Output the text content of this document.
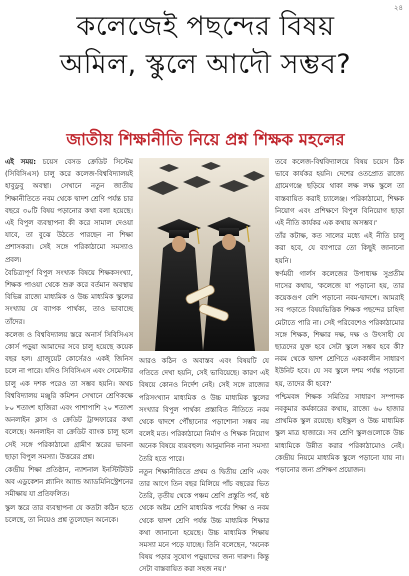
২৪
কলেজেই পছন্দের বিষয়
অমিল, স্কুলে আদৌ সম্ভব?
জাতীয় শিক্ষানীতি নিয়ে প্রশ্ন শিক্ষক মহলের

এই সময়: চয়েস বেসড ক্রেডিট সিস্টেম (সিবিসিএস) চালু করে কলেজ-বিশ্ববিদ্যালয়ই হাবুডুবু অবস্থা। সেখানে নতুন জাতীয় শিক্ষানীতিতে নবম থেকে দ্বাদশ শ্রেণি পর্যন্ত চার বছরে ৩০টি বিষয় পড়ানোর কথা বলা হয়েছে। এই বিপুল ব্যবস্থাপনা কী করে সামাল দেওয়া যাবে, তা বুঝে উঠতে পারছেন না শিক্ষা প্রশাসকরা। সেই সঙ্গে পরিকাঠামো সমস্যাও প্রবল।

বৈচিত্র্যপূর্ণ বিপুল সংখ্যক বিষয়ে শিক্ষকসংখ্যা, শিক্ষক পাওয়া থেকে শুরু করে বর্তমান অবস্থায় বিভিন্ন রাজ্যে মাধ্যমিক ও উচ্চ মাধ্যমিক স্কুলের সংখ্যায় যে ব্যাপক পার্থক্য, তাও ভাবাচ্ছে তাঁদের।

কলেজ ও বিশ্ববিদ্যালয় স্তরে অনার্স সিবিসিএস কোর্স পড়ুয়া আমাদের সবে চালু হয়েছে কয়েক বছর হল। গ্রাজুয়েট কোর্সেরও একই জিনিস চলে না পারে। যদিও সিবিসিএস এবং সেমেস্টার চালু এক দশক পরেও তা সম্ভব হয়নি। অথচ বিশ্ববিদ্যালয় মঞ্জুরি কমিশন সেখানে শ্রেণিকক্ষে ৮০ শতাংশ হাজিরা এবং পাশাপাশি ২০ শতাংশ অনলাইন ক্লাস ও ক্রেডিট ট্রান্সফারের কথা বলেছে। অনলাইন বা ক্রেডিট ব্যাংক চালু হলে সেই সঙ্গে পরিকাঠামো গ্রামীণ স্তরের ভাবনা ছাড়া বিপুল সমস্যা। উত্তরের প্রশ্ন।

কেন্দ্রীয় শিক্ষা প্রতিষ্ঠান, ন্যাশনাল ইনস্টিটিউট অব এডুকেশন প্ল্যানিং অ্যান্ড অ্যাডমিনিস্ট্রেশনের সমীক্ষায় যা প্রতিফলিত।

স্কুল স্তরে তার ব্যবস্থাপনা যে কতটা কঠিন হতে চলেছে, তা নিয়েও প্রশ্ন তুলেছেন অনেকে।

আরও কঠিন ও অবাস্তব এবং বিষয়টি যে গতিতে দেখা হয়নি, সেই ভাবিয়েছে। কারণ এই বিষয়ে কোনও নির্দেশ নেই। সেই সঙ্গে রাজ্যের পরিসংখ্যান মাধ্যমিক ও উচ্চ মাধ্যমিক স্কুলের সংখ্যার বিপুল পার্থক্য প্রস্তাবিত নীতিতে নবম থেকে দ্বাদশে পৌঁছানোর পড়াশোনা সম্ভব নয় বলেই মত। পরিকাঠামো নির্মাণ ও শিক্ষক নিয়োগ অনেক বিষয়ে ব্যয়বহুল। আনুমানিক নানা সমস্যা তৈরি হতে পারে।

নতুন শিক্ষানীতিতে প্রথম ও দ্বিতীয় শ্রেণি এবং তার আগে তিন বছর মিলিয়ে পাঁচ বছরের ভিত তৈরি, তৃতীয় থেকে পঞ্চম শ্রেণি প্রস্তুতি পর্ব, ষষ্ঠ থেকে অষ্টম শ্রেণি মাধ্যমিক পর্বের শিক্ষা ও নবম থেকে দ্বাদশ শ্রেণি পর্যন্ত উচ্চ মাধ্যমিক শিক্ষার কথা জানানো হয়েছে। উচ্চ মাধ্যমিক শিক্ষায় সমস্যা মনে পড়ে যাচ্ছে। তিনি বলেছেন, 'অনেক বিষয় পড়ার সুযোগ পড়ুয়াদের জন্য দারুণ। কিন্তু সেটা বাস্তবায়িত করা সহজ নয়।'

তবে কলেজ-বিশ্ববিদ্যালয়ে বিষয় চয়েস ঠিক ভাবে কার্যকর হয়নি। দেশের ওতপ্রোত রাজ্যে গ্রামেগঞ্জে ছড়িয়ে থাকা লক্ষ লক্ষ স্কুলে তা বাস্তবায়িত করাই চ্যালেঞ্জ। পরিকাঠামো, শিক্ষক নিয়োগ এবং প্রশিক্ষণে বিপুল বিনিয়োগ ছাড়া এই নীতি কার্যকর এক কথায় অসম্ভব।'

তাঁর কটাক্ষ, কত সালের মধ্যে এই নীতি চালু করা হবে, যে ব্যাপারে তো কিছুই জানানো হয়নি।

স্বর্ণময়ী গার্লস কলেজের উপাধ্যক্ষ সুপ্রতীম দাসের কথায়, 'কলেজে যা পড়ানো হয়, তার কয়েকগুণ বেশি পড়ানো নবম-দ্বাদশে। আমরাই সব পড়াতে বিষয়ভিত্তিক শিক্ষক পছন্দের চাহিদা মেটাতে পারি না। সেই পরিবেশেও পরিকাঠামোর সঙ্গে শিক্ষক, শিক্ষার দক্ষ, দক্ষ ও উৎসাহী যে ছাত্রদের যুক্ত হবে সেটা স্কুলে সম্ভব হবে কী? নবম থেকে দ্বাদশ শ্রেণিতে এককালীন সাধারণ ইউনিট হবে। যে সব স্কুলে দশম পর্যন্ত পড়ানো হয়, তাদের কী হবে?'

পশ্চিমবঙ্গ শিক্ষক সমিতির সাধারণ সম্পাদক নবকুমার কর্মকারের কথায়, রাজ্যে ৬০ হাজার প্রাথমিক স্কুল রয়েছে। হাইস্কুল ও উচ্চ মাধ্যমিক স্কুল মাত্র হাজারে। সব শ্রেণি স্কুলগুলোকে উচ্চ মাধ্যমিকে উন্নীত করার পরিকাঠামোও নেই। কেন্দ্রীয় নিয়মে মাধ্যমিক স্কুলে পড়ানো যায় না। পড়ানোর জন্য প্রশিক্ষণ প্রয়োজন।
